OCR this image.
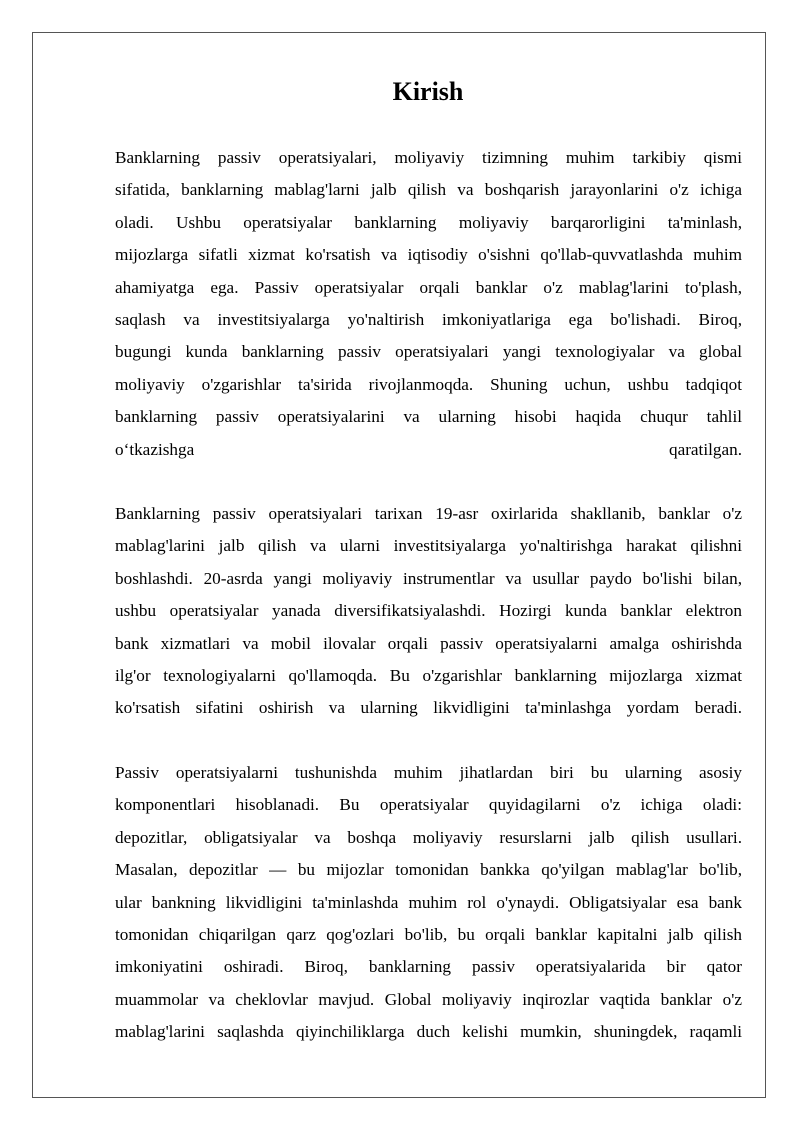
Kirish
Banklarning passiv operatsiyalari, moliyaviy tizimning muhim tarkibiy qismi
sifatida, banklarning mablag'larni jalb qilish va boshqarish jarayonlarini o'z ichiga
oladi. Ushbu operatsiyalar banklarning moliyaviy barqarorligini ta'minlash,
mijozlarga sifatli xizmat ko'rsatish va iqtisodiy o'sishni qo'llab-quvvatlashda muhim
ahamiyatga ega. Passiv operatsiyalar orqali banklar o'z mablag'larini to'plash,
saqlash va investitsiyalarga yo'naltirish imkoniyatlariga ega bo'lishadi. Biroq,
bugungi kunda banklarning passiv operatsiyalari yangi texnologiyalar va global
moliyaviy o'zgarishlar ta'sirida rivojlanmoqda. Shuning uchun, ushbu tadqiqot
banklarning passiv operatsiyalarini va ularning hisobi haqida chuqur tahlil
o‘tkazishga qaratilgan.
Banklarning passiv operatsiyalari tarixan 19-asr oxirlarida shakllanib, banklar o'z
mablag'larini jalb qilish va ularni investitsiyalarga yo'naltirishga harakat qilishni
boshlashdi. 20-asrda yangi moliyaviy instrumentlar va usullar paydo bo'lishi bilan,
ushbu operatsiyalar yanada diversifikatsiyalashdi. Hozirgi kunda banklar elektron
bank xizmatlari va mobil ilovalar orqali passiv operatsiyalarni amalga oshirishda
ilg'or texnologiyalarni qo'llamoqda. Bu o'zgarishlar banklarning mijozlarga xizmat
ko'rsatish sifatini oshirish va ularning likvidligini ta'minlashga yordam beradi.
Passiv operatsiyalarni tushunishda muhim jihatlardan biri bu ularning asosiy
komponentlari hisoblanadi. Bu operatsiyalar quyidagilarni o'z ichiga oladi:
depozitlar, obligatsiyalar va boshqa moliyaviy resurslarni jalb qilish usullari.
Masalan, depozitlar — bu mijozlar tomonidan bankka qo'yilgan mablag'lar bo'lib,
ular bankning likvidligini ta'minlashda muhim rol o'ynaydi. Obligatsiyalar esa bank
tomonidan chiqarilgan qarz qog'ozlari bo'lib, bu orqali banklar kapitalni jalb qilish
imkoniyatini oshiradi. Biroq, banklarning passiv operatsiyalarida bir qator
muammolar va cheklovlar mavjud. Global moliyaviy inqirozlar vaqtida banklar o'z
mablag'larini saqlashda qiyinchiliklarga duch kelishi mumkin, shuningdek, raqamli
